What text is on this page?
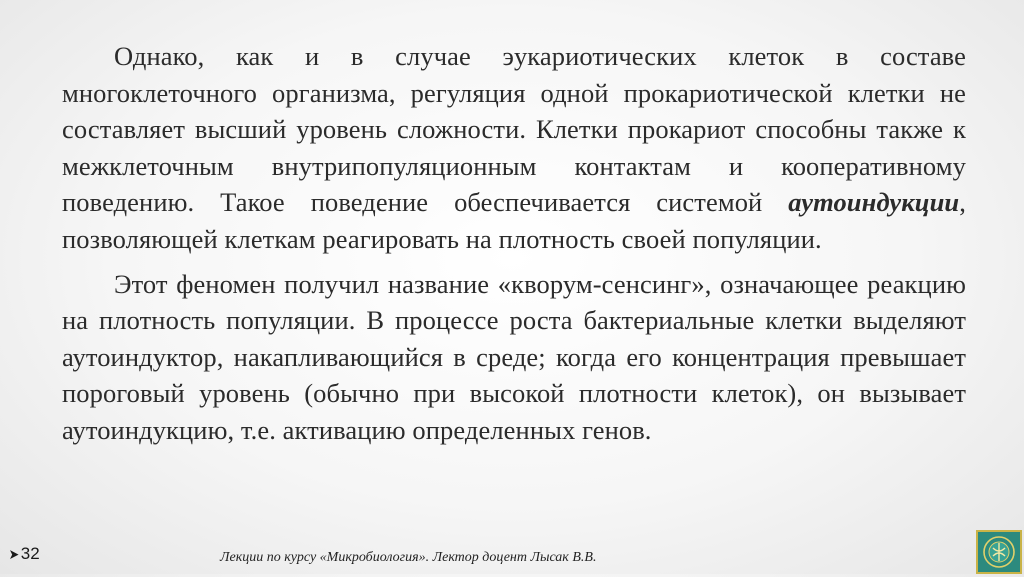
Однако, как и в случае эукариотических клеток в составе многоклеточного организма, регуляция одной прокариотической клетки не составляет высший уровень сложности. Клетки прокариот способны также к межклеточным внутрипопуляционным контактам и кооперативному поведению. Такое поведение обеспечивается системой аутоиндукции, позволяющей клеткам реагировать на плотность своей популяции.

Этот феномен получил название «кворум-сенсинг», означающее реакцию на плотность популяции. В процессе роста бактериальные клетки выделяют аутоиндуктор, накапливающийся в среде; когда его концентрация превышает пороговый уровень (обычно при высокой плотности клеток), он вызывает аутоиндукцию, т.е. активацию определенных генов.

➤ 32	Лекции по курсу «Микробиология». Лектор доцент Лысак В.В.
